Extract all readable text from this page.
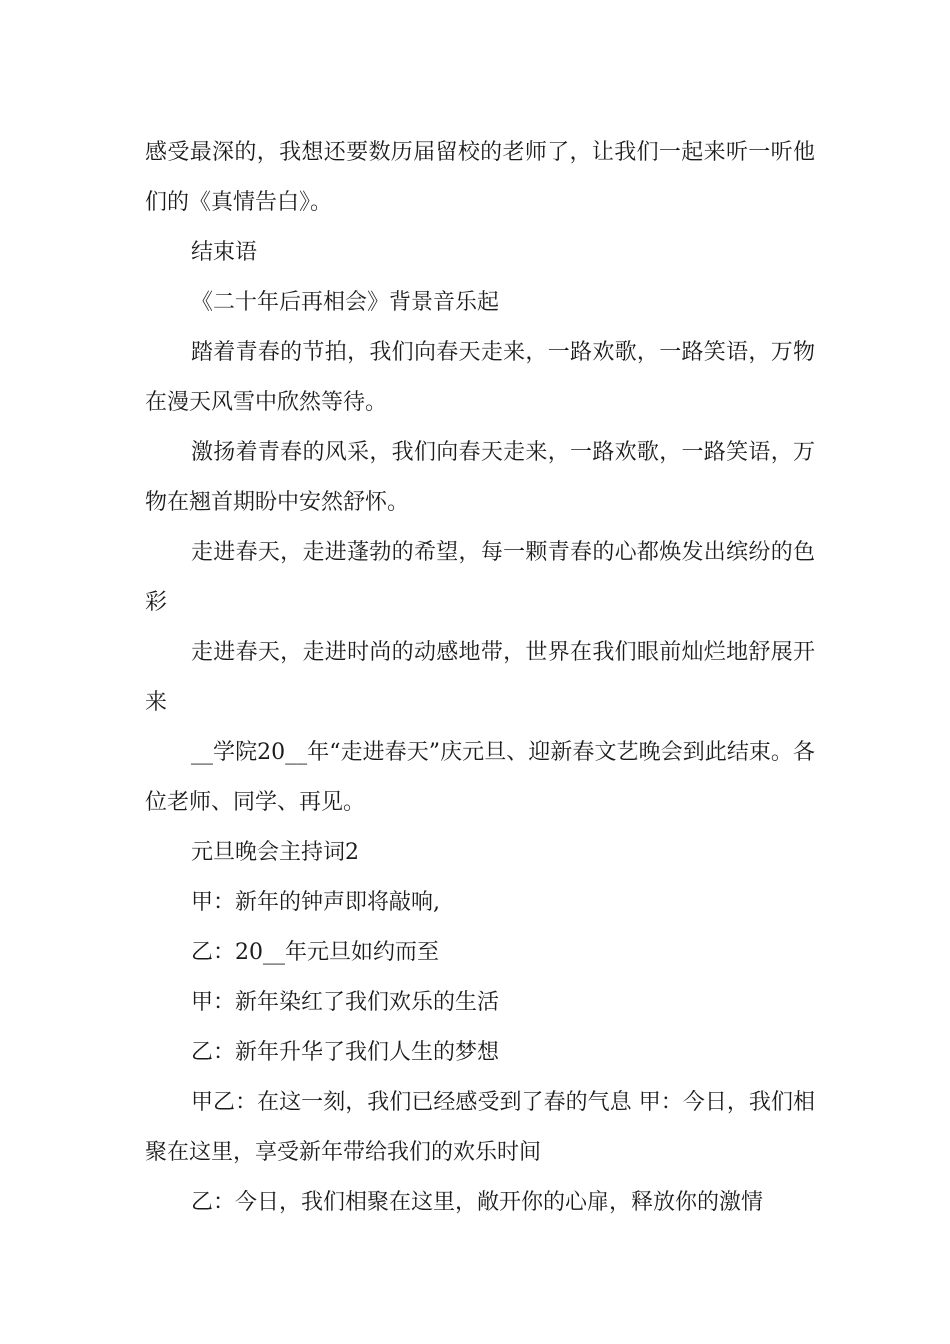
感受最深的，我想还要数历届留校的老师了，让我们一起来听一听他们的《真情告白》。

结束语

《二十年后再相会》背景音乐起

踏着青春的节拍，我们向春天走来，一路欢歌，一路笑语，万物在漫天风雪中欣然等待。

激扬着青春的风采，我们向春天走来，一路欢歌，一路笑语，万物在翘首期盼中安然舒怀。

走进春天，走进蓬勃的希望，每一颗青春的心都焕发出缤纷的色彩

走进春天，走进时尚的动感地带，世界在我们眼前灿烂地舒展开来

__学院20__年“走进春天”庆元旦、迎新春文艺晚会到此结束。各位老师、同学、再见。

元旦晚会主持词2

甲：新年的钟声即将敲响,

乙：20__年元旦如约而至

甲：新年染红了我们欢乐的生活

乙：新年升华了我们人生的梦想

甲乙：在这一刻，我们已经感受到了春的气息 甲：今日，我们相聚在这里，享受新年带给我们的欢乐时间

乙：今日，我们相聚在这里，敞开你的心扉，释放你的激情
